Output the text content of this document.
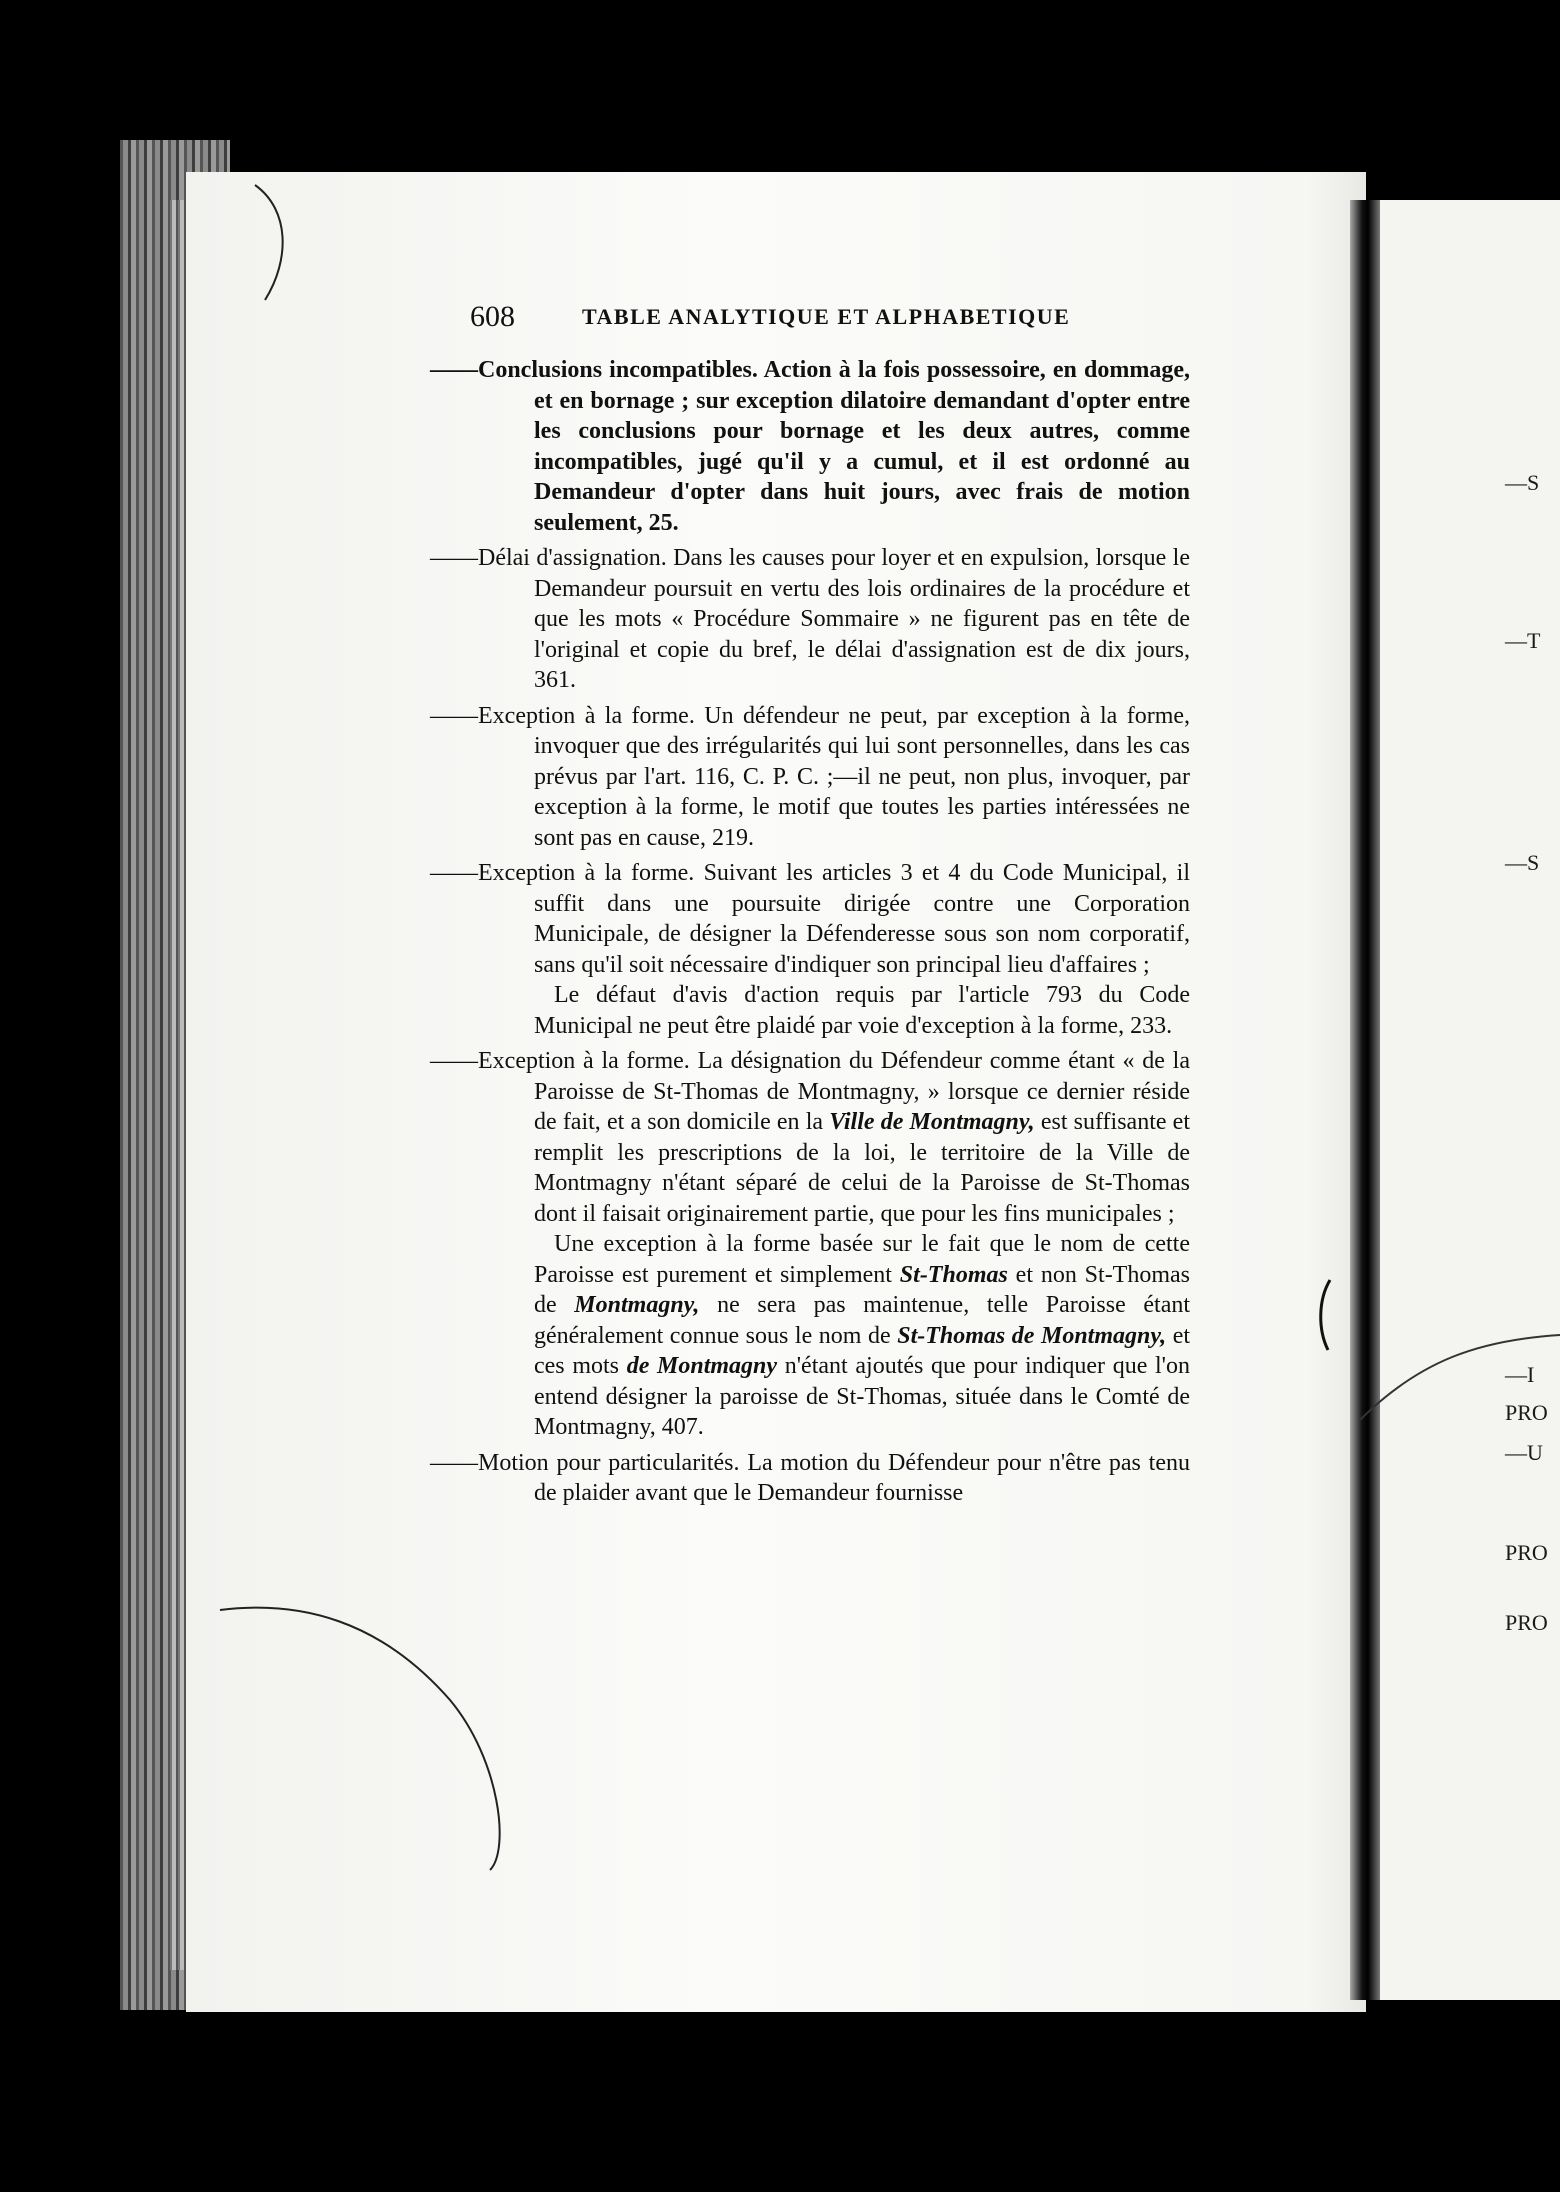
—S
—T
—S
—I
PRO
—U
PRO
PRO
608	TABLE ANALYTIQUE ET ALPHABETIQUE

——Conclusions incompatibles. Action à la fois possessoire, en dommage, et en bornage ; sur exception dilatoire demandant d'opter entre les conclusions pour bornage et les deux autres, comme incompatibles, jugé qu'il y a cumul, et il est ordonné au Demandeur d'opter dans huit jours, avec frais de motion seulement, 25.

——Délai d'assignation. Dans les causes pour loyer et en expulsion, lorsque le Demandeur poursuit en vertu des lois ordinaires de la procédure et que les mots « Procédure Sommaire » ne figurent pas en tête de l'original et copie du bref, le délai d'assignation est de dix jours, 361.

——Exception à la forme. Un défendeur ne peut, par exception à la forme, invoquer que des irrégularités qui lui sont personnelles, dans les cas prévus par l'art. 116, C. P. C. ;—il ne peut, non plus, invoquer, par exception à la forme, le motif que toutes les parties intéressées ne sont pas en cause, 219.

——Exception à la forme. Suivant les articles 3 et 4 du Code Municipal, il suffit dans une poursuite dirigée contre une Corporation Municipale, de désigner la Défenderesse sous son nom corporatif, sans qu'il soit nécessaire d'indiquer son principal lieu d'affaires ;
Le défaut d'avis d'action requis par l'article 793 du Code Municipal ne peut être plaidé par voie d'exception à la forme, 233.

——Exception à la forme. La désignation du Défendeur comme étant « de la Paroisse de St-Thomas de Montmagny, » lorsque ce dernier réside de fait, et a son domicile en la Ville de Montmagny, est suffisante et remplit les prescriptions de la loi, le territoire de la Ville de Montmagny n'étant séparé de celui de la Paroisse de St-Thomas dont il faisait originairement partie, que pour les fins municipales ;
Une exception à la forme basée sur le fait que le nom de cette Paroisse est purement et simplement St-Thomas et non St-Thomas de Montmagny, ne sera pas maintenue, telle Paroisse étant généralement connue sous le nom de St-Thomas de Montmagny, et ces mots de Montmagny n'étant ajoutés que pour indiquer que l'on entend désigner la paroisse de St-Thomas, située dans le Comté de Montmagny, 407.

——Motion pour particularités. La motion du Défendeur pour n'être pas tenu de plaider avant que le Demandeur fournisse
